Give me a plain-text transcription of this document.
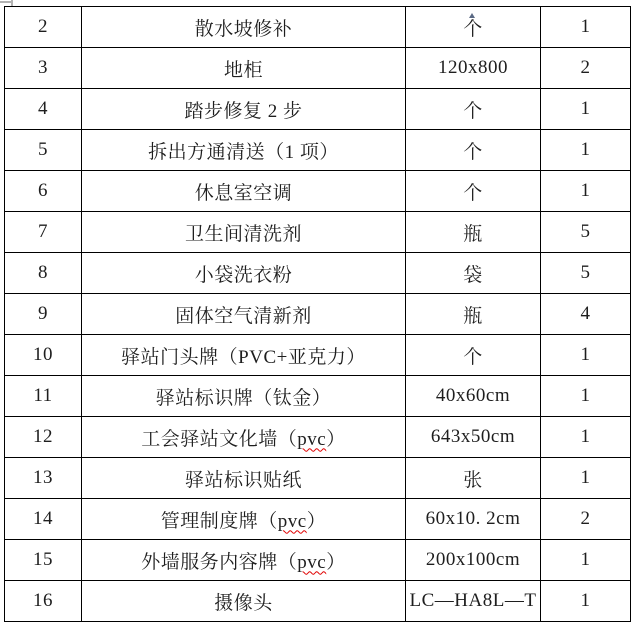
2	散水坡修补	个	1
3	地柜	120x800	2
4	踏步修复 2 步	个	1
5	拆出方通清送（1 项）	个	1
6	休息室空调	个	1
7	卫生间清洗剂	瓶	5
8	小袋洗衣粉	袋	5
9	固体空气清新剂	瓶	4
10	驿站门头牌（PVC+亚克力）	个	1
11	驿站标识牌（钛金）	40x60cm	1
12	工会驿站文化墙（pvc）	643x50cm	1
13	驿站标识贴纸	张	1
14	管理制度牌（pvc）	60x10. 2cm	2
15	外墙服务内容牌（pvc）	200x100cm	1
16	摄像头	LC—HA8L—T	1
